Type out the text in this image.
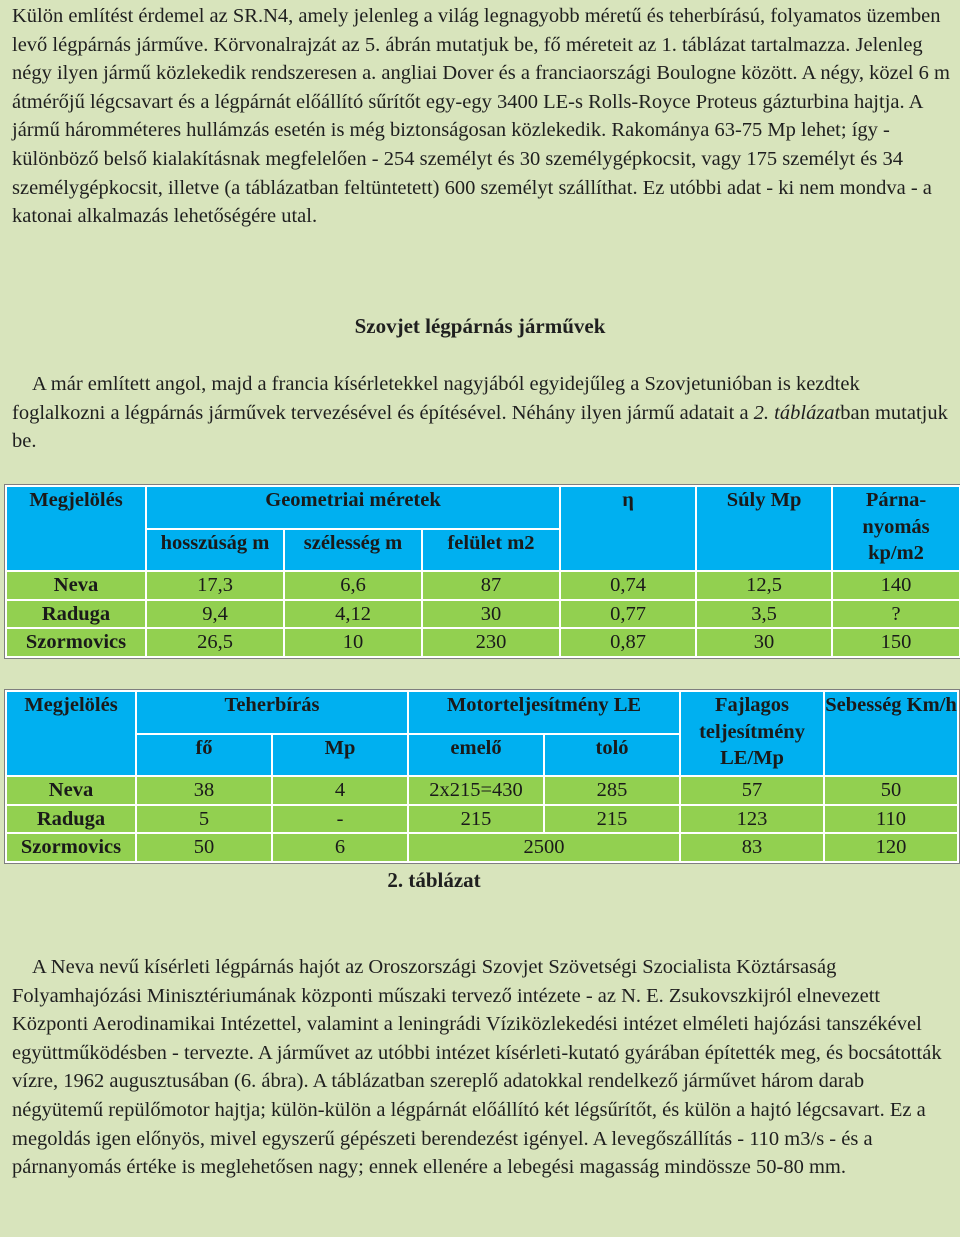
Külön említést érdemel az SR.N4, amely jelenleg a világ legnagyobb méretű és teherbírású, folyamatos üzemben levő légpárnás járműve. Körvonalrajzát az 5. ábrán mutatjuk be, fő méreteit az 1. táblázat tartalmazza. Jelenleg négy ilyen jármű közlekedik rendszeresen a. angliai Dover és a franciaországi Boulogne között. A négy, közel 6 m átmérőjű légcsavart és a légpárnát előállító sűrítőt egy-egy 3400 LE-s Rolls-Royce Proteus gázturbina hajtja. A jármű háromméteres hullámzás esetén is még biztonságosan közlekedik. Rakománya 63-75 Mp lehet; így - különböző belső kialakításnak megfelelően - 254 személyt és 30 személygépkocsit, vagy 175 személyt és 34 személygépkocsit, illetve (a táblázatban feltüntetett) 600 személyt szállíthat. Ez utóbbi adat - ki nem mondva - a katonai alkalmazás lehetőségére utal.

Szovjet légpárnás járművek

A már említett angol, majd a francia kísérletekkel nagyjából egyidejűleg a Szovjetunióban is kezdtek foglalkozni a légpárnás járművek tervezésével és építésével. Néhány ilyen jármű adatait a 2. táblázatban mutatjuk be.

Megjelölés	Geometriai méretek			η	Súly Mp	Párna-nyomás kp/m2
	hosszúság m	szélesség m	felület m2			
Neva	17,3	6,6	87	0,74	12,5	140
Raduga	9,4	4,12	30	0,77	3,5	?
Szormovics	26,5	10	230	0,87	30	150
Megjelölés	Teherbírás		Motorteljesítmény LE		Fajlagos teljesítmény LE/Mp	Sebesség Km/h
	fő	Mp	emelő	toló		
Neva	38	4	2x215=430	285	57	50
Raduga	5	-	215	215	123	110
Szormovics	50	6	2500		83	120
2. táblázat

A Neva nevű kísérleti légpárnás hajót az Oroszországi Szovjet Szövetségi Szocialista Köztársaság Folyamhajózási Minisztériumának központi műszaki tervező intézete - az N. E. Zsukovszkijról elnevezett Központi Aerodinamikai Intézettel, valamint a leningrádi Víziközlekedési intézet elméleti hajózási tanszékével együttműködésben - tervezte. A járművet az utóbbi intézet kísérleti-kutató gyárában építették meg, és bocsátották vízre, 1962 augusztusában (6. ábra). A táblázatban szereplő adatokkal rendelkező járművet három darab négyütemű repülőmotor hajtja; külön-külön a légpárnát előállító két légsűrítőt, és külön a hajtó légcsavart. Ez a megoldás igen előnyös, mivel egyszerű gépészeti berendezést igényel. A levegőszállítás - 110 m3/s - és a párnanyomás értéke is meglehetősen nagy; ennek ellenére a lebegési magasság mindössze 50-80 mm.
